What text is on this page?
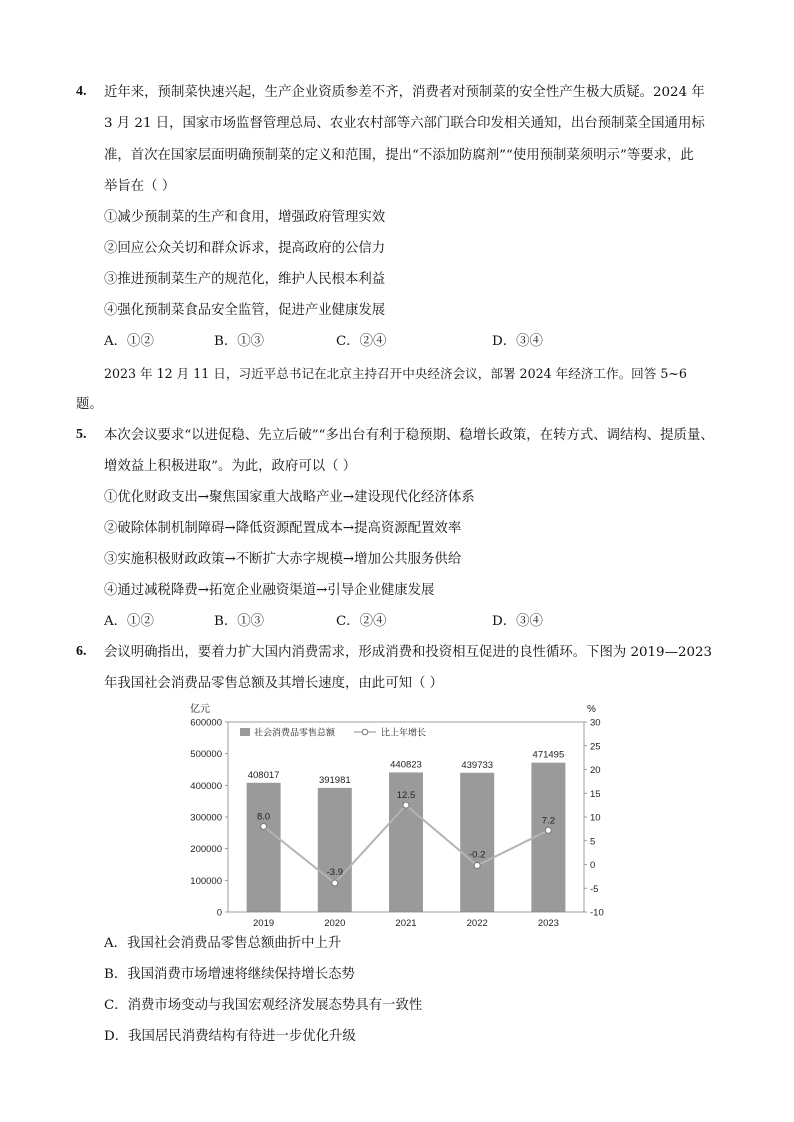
4. 近年来，预制菜快速兴起，生产企业资质参差不齐，消费者对预制菜的安全性产生极大质疑。2024 年
3 月 21 日，国家市场监督管理总局、农业农村部等六部门联合印发相关通知，出台预制菜全国通用标
准，首次在国家层面明确预制菜的定义和范围，提出“不添加防腐剂”“使用预制菜须明示”等要求，此
举旨在（ ）
①减少预制菜的生产和食用，增强政府管理实效
②回应公众关切和群众诉求，提高政府的公信力
③推进预制菜生产的规范化，维护人民根本利益
④强化预制菜食品安全监管，促进产业健康发展
A．①②	B．①③	C．②④	D．③④
2023 年 12 月 11 日，习近平总书记在北京主持召开中央经济会议，部署 2024 年经济工作。回答 5~6
题。
5. 本次会议要求“以进促稳、先立后破”“多出台有利于稳预期、稳增长政策，在转方式、调结构、提质量、
增效益上积极进取”。为此，政府可以（ ）
①优化财政支出→聚焦国家重大战略产业→建设现代化经济体系
②破除体制机制障碍→降低资源配置成本→提高资源配置效率
③实施积极财政政策→不断扩大赤字规模→增加公共服务供给
④通过减税降费→拓宽企业融资渠道→引导企业健康发展
A．①②	B．①③	C．②④	D．③④
6. 会议明确指出，要着力扩大国内消费需求，形成消费和投资相互促进的良性循环。下图为 2019—2023
年我国社会消费品零售总额及其增长速度，由此可知（ ）
0
100000
200000
300000
400000
500000
600000
亿元
-10
-5
0
5
10
15
20
25
30
%
2019	2020	2021	2022	2023
408017	391981
440823	439733
471495
8.0
-3.9
12.5
-0.2
7.2
社会消费品零售总额	比上年增长
A．我国社会消费品零售总额曲折中上升
B．我国消费市场增速将继续保持增长态势
C．消费市场变动与我国宏观经济发展态势具有一致性
D．我国居民消费结构有待进一步优化升级
